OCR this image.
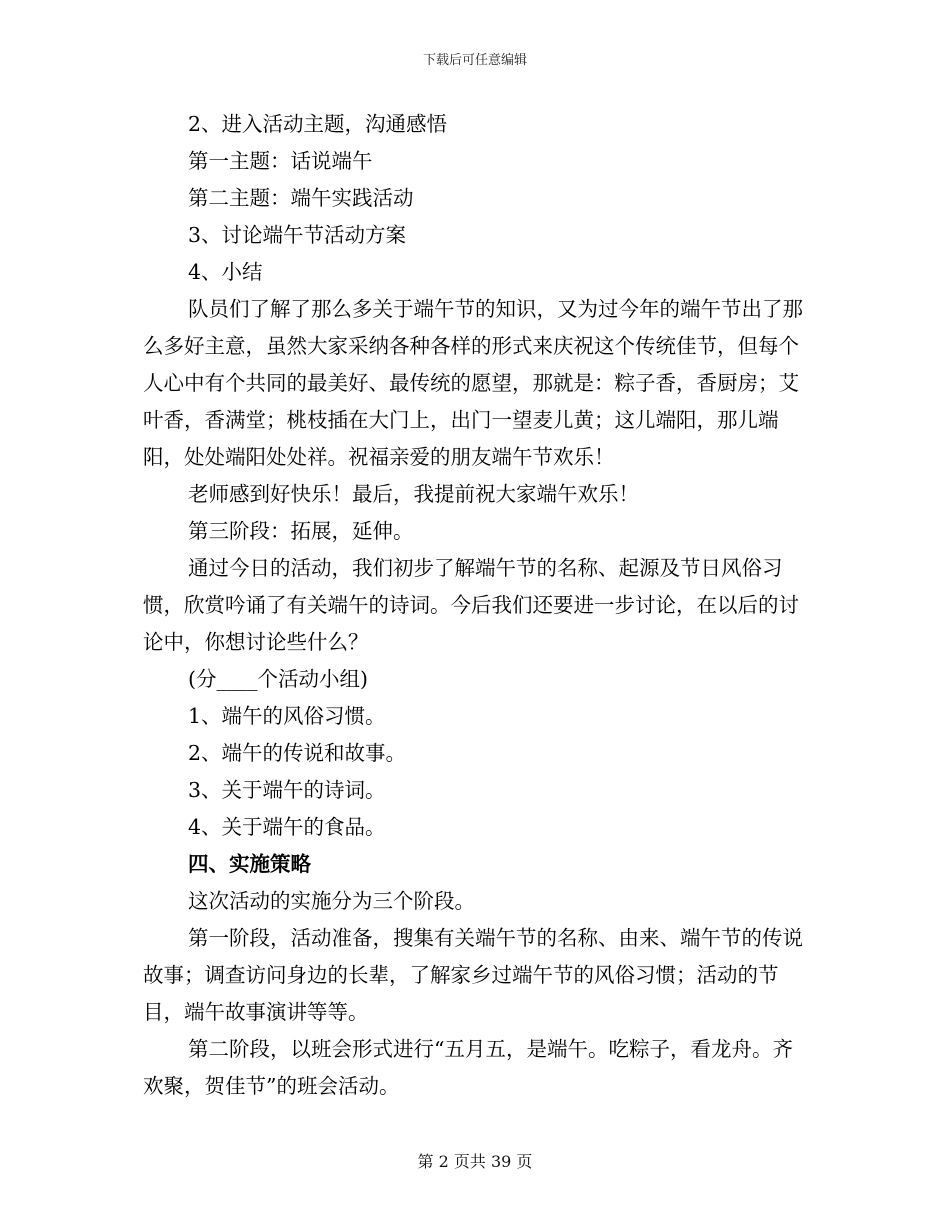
下载后可任意编辑

2、进入活动主题，沟通感悟

第一主题：话说端午

第二主题：端午实践活动

3、讨论端午节活动方案

4、小结

队员们了解了那么多关于端午节的知识，又为过今年的端午节出了那么多好主意，虽然大家采纳各种各样的形式来庆祝这个传统佳节，但每个人心中有个共同的最美好、最传统的愿望，那就是：粽子香，香厨房；艾叶香，香满堂；桃枝插在大门上，出门一望麦儿黄；这儿端阳，那儿端阳，处处端阳处处祥。祝福亲爱的朋友端午节欢乐！

老师感到好快乐！最后，我提前祝大家端午欢乐！

第三阶段：拓展，延伸。

通过今日的活动，我们初步了解端午节的名称、起源及节日风俗习惯，欣赏吟诵了有关端午的诗词。今后我们还要进一步讨论，在以后的讨论中，你想讨论些什么？

(分____个活动小组)

1、端午的风俗习惯。

2、端午的传说和故事。

3、关于端午的诗词。

4、关于端午的食品。

四、实施策略

这次活动的实施分为三个阶段。

第一阶段，活动准备，搜集有关端午节的名称、由来、端午节的传说故事；调查访问身边的长辈，了解家乡过端午节的风俗习惯；活动的节目，端午故事演讲等等。

第二阶段，以班会形式进行“五月五，是端午。吃粽子，看龙舟。齐欢聚，贺佳节”的班会活动。

第 2 页共 39 页
